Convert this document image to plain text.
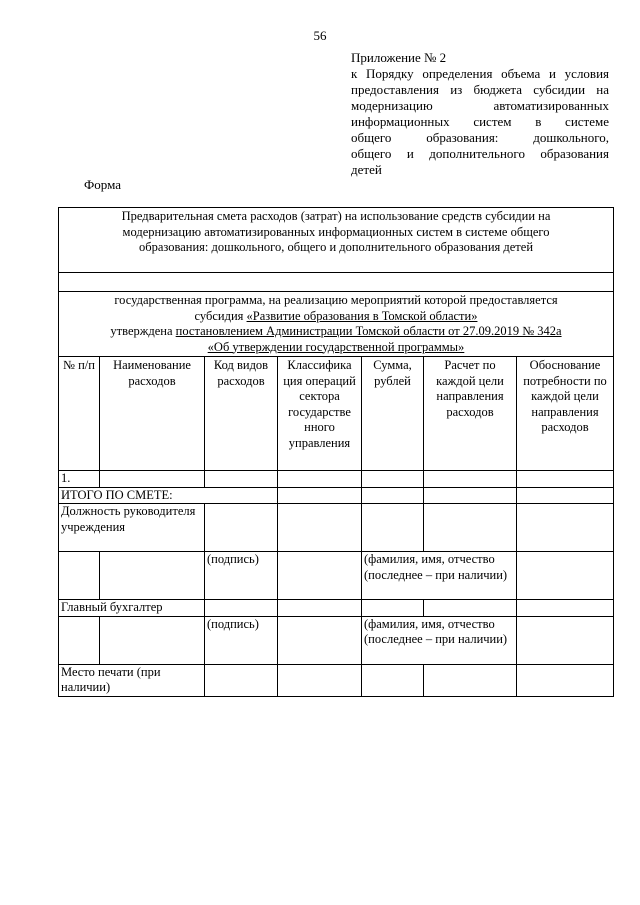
56
Приложение № 2
к Порядку определения объема и условия
предоставления из бюджета субсидии на
модернизацию автоматизированных
информационных систем в системе
общего образования: дошкольного,
общего и дополнительного образования
детей
Форма
Предварительная смета расходов (затрат) на использование средств субсидии на
модернизацию автоматизированных информационных систем в системе общего
образования: дошкольного, общего и дополнительного образования детей						

государственная программа, на реализацию мероприятий которой предоставляется
субсидия «Развитие образования в Томской области»
утверждена постановлением Администрации Томской области от 27.09.2019 № 342а
«Об утверждении государственной программы»						

№ п/п	Наименование расходов	Код видов расходов	Классифика ция операций сектора государстве нного управления	Сумма, рублей	Расчет по каждой цели направления расходов	Обоснование потребности по каждой цели направления расходов
1.						
ИТОГО ПО СМЕТЕ:						
Должность руководителя учреждения						
		(подпись)		(фамилия, имя, отчество (последнее – при наличии)		
Главный бухгалтер						
		(подпись)		(фамилия, имя, отчество (последнее – при наличии)		
Место печати (при наличии)						
